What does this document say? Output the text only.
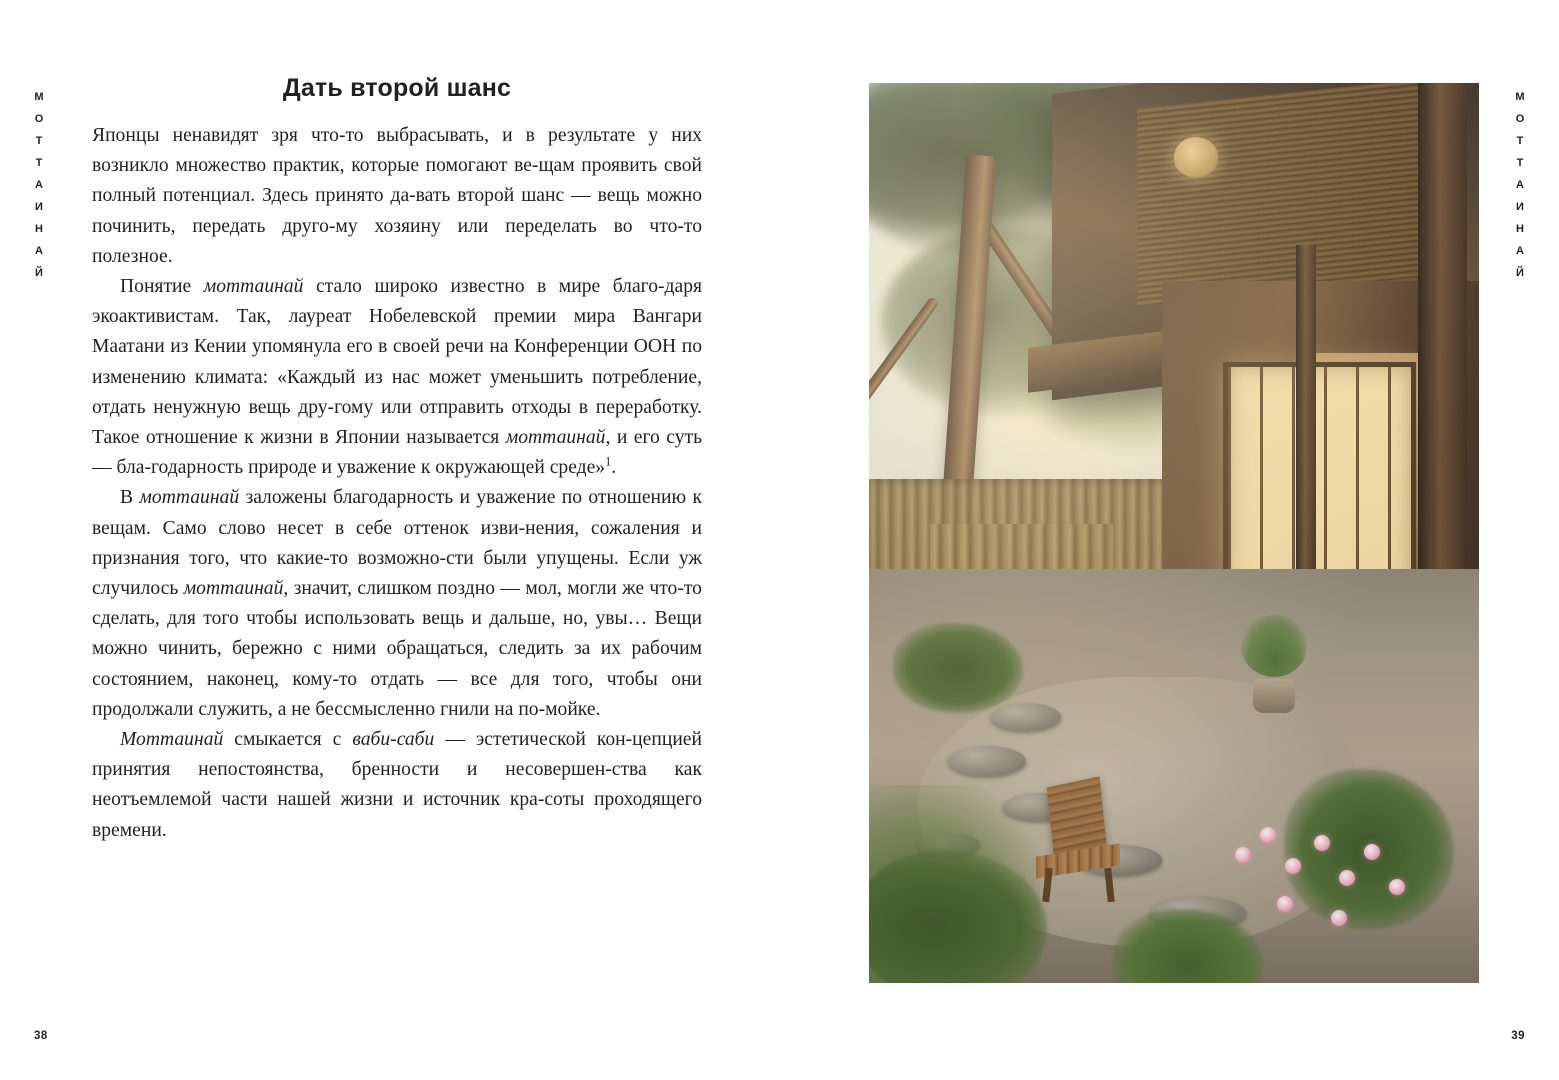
М
О
Т
Т
А
И
Н
А
Й
Дать второй шанс

Японцы ненавидят зря что-то выбрасывать, и в результате у них возникло множество практик, которые помогают ве-щам проявить свой полный потенциал. Здесь принято да-вать второй шанс — вещь можно починить, передать друго-му хозяину или переделать во что-то полезное.

Понятие моттаинай стало широко известно в мире благо-даря экоактивистам. Так, лауреат Нобелевской премии мира Вангари Маатани из Кении упомянула его в своей речи на Конференции ООН по изменению климата: «Каждый из нас может уменьшить потребление, отдать ненужную вещь дру-гому или отправить отходы в переработку. Такое отношение к жизни в Японии называется моттаинай, и его суть — бла-годарность природе и уважение к окружающей среде»$^1$.

В моттаинай заложены благодарность и уважение по отношению к вещам. Само слово несет в себе оттенок изви-нения, сожаления и признания того, что какие-то возможно-сти были упущены. Если уж случилось моттаинай, значит, слишком поздно — мол, могли же что-то сделать, для того чтобы использовать вещь и дальше, но, увы… Вещи можно чинить, бережно с ними обращаться, следить за их рабочим состоянием, наконец, кому-то отдать — все для того, чтобы они продолжали служить, а не бессмысленно гнили на по-мойке.

Моттаинай смыкается с ваби-саби — эстетической кон-цепцией принятия непостоянства, бренности и несовершен-ства как неотъемлемой части нашей жизни и источник кра-соты проходящего времени.

38
М
О
Т
Т
А
И
Н
А
Й
39
